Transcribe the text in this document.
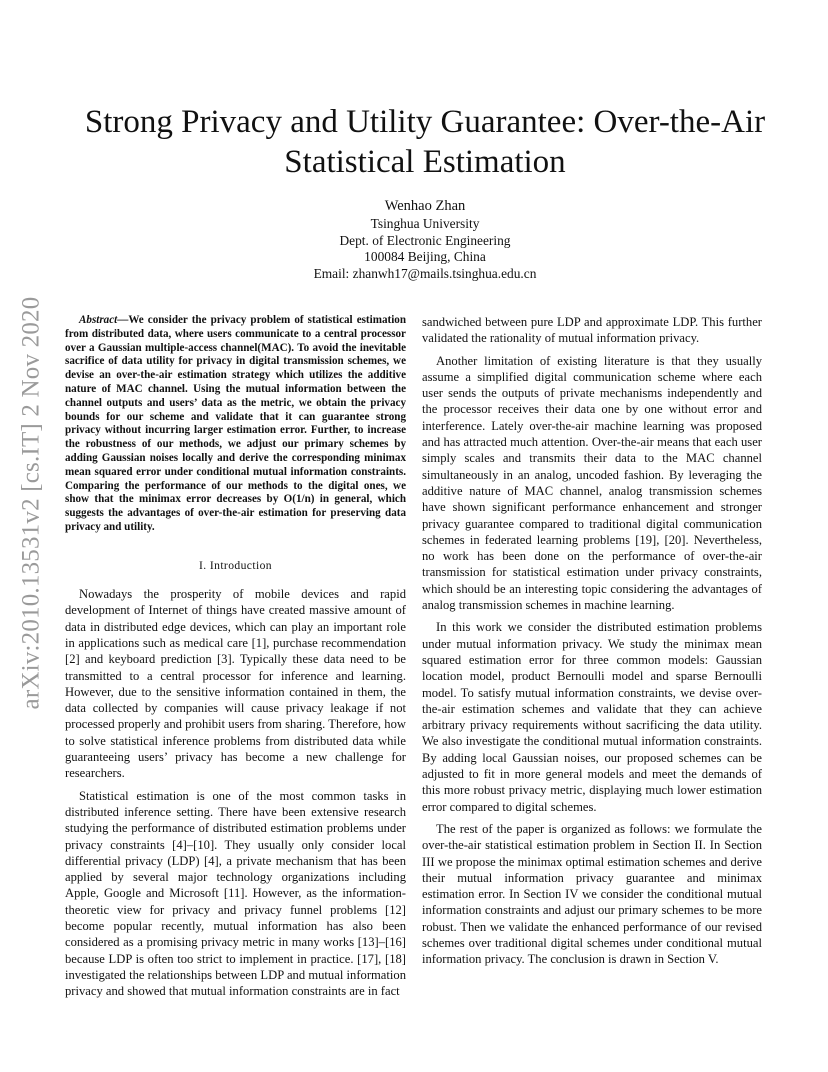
arXiv:2010.13531v2 [cs.IT] 2 Nov 2020
Strong Privacy and Utility Guarantee: Over-the-Air Statistical Estimation
Wenhao Zhan
Tsinghua University
Dept. of Electronic Engineering
100084 Beijing, China
Email: zhanwh17@mails.tsinghua.edu.cn

Abstract—We consider the privacy problem of statistical estimation from distributed data, where users communicate to a central processor over a Gaussian multiple-access channel(MAC). To avoid the inevitable sacrifice of data utility for privacy in digital transmission schemes, we devise an over-the-air estimation strategy which utilizes the additive nature of MAC channel. Using the mutual information between the channel outputs and users’ data as the metric, we obtain the privacy bounds for our scheme and validate that it can guarantee strong privacy without incurring larger estimation error. Further, to increase the robustness of our methods, we adjust our primary schemes by adding Gaussian noises locally and derive the corresponding minimax mean squared error under conditional mutual information constraints. Comparing the performance of our methods to the digital ones, we show that the minimax error decreases by O(1/n) in general, which suggests the advantages of over-the-air estimation for preserving data privacy and utility.

I. Introduction

Nowadays the prosperity of mobile devices and rapid development of Internet of things have created massive amount of data in distributed edge devices, which can play an important role in applications such as medical care [1], purchase recommendation [2] and keyboard prediction [3]. Typically these data need to be transmitted to a central processor for inference and learning. However, due to the sensitive information contained in them, the data collected by companies will cause privacy leakage if not processed properly and prohibit users from sharing. Therefore, how to solve statistical inference problems from distributed data while guaranteeing users’ privacy has become a new challenge for researchers.

Statistical estimation is one of the most common tasks in distributed inference setting. There have been extensive research studying the performance of distributed estimation problems under privacy constraints [4]–[10]. They usually only consider local differential privacy (LDP) [4], a private mechanism that has been applied by several major technology organizations including Apple, Google and Microsoft [11]. However, as the information-theoretic view for privacy and privacy funnel problems [12] become popular recently, mutual information has also been considered as a promising privacy metric in many works [13]–[16] because LDP is often too strict to implement in practice. [17], [18] investigated the relationships between LDP and mutual information privacy and showed that mutual information constraints are in fact

sandwiched between pure LDP and approximate LDP. This further validated the rationality of mutual information privacy.

Another limitation of existing literature is that they usually assume a simplified digital communication scheme where each user sends the outputs of private mechanisms independently and the processor receives their data one by one without error and interference. Lately over-the-air machine learning was proposed and has attracted much attention. Over-the-air means that each user simply scales and transmits their data to the MAC channel simultaneously in an analog, uncoded fashion. By leveraging the additive nature of MAC channel, analog transmission schemes have shown significant performance enhancement and stronger privacy guarantee compared to traditional digital communication schemes in federated learning problems [19], [20]. Nevertheless, no work has been done on the performance of over-the-air transmission for statistical estimation under privacy constraints, which should be an interesting topic considering the advantages of analog transmission schemes in machine learning.

In this work we consider the distributed estimation problems under mutual information privacy. We study the minimax mean squared estimation error for three common models: Gaussian location model, product Bernoulli model and sparse Bernoulli model. To satisfy mutual information constraints, we devise over-the-air estimation schemes and validate that they can achieve arbitrary privacy requirements without sacrificing the data utility. We also investigate the conditional mutual information constraints. By adding local Gaussian noises, our proposed schemes can be adjusted to fit in more general models and meet the demands of this more robust privacy metric, displaying much lower estimation error compared to digital schemes.

The rest of the paper is organized as follows: we formulate the over-the-air statistical estimation problem in Section II. In Section III we propose the minimax optimal estimation schemes and derive their mutual information privacy guarantee and minimax estimation error. In Section IV we consider the conditional mutual information constraints and adjust our primary schemes to be more robust. Then we validate the enhanced performance of our revised schemes over traditional digital schemes under conditional mutual information privacy. The conclusion is drawn in Section V.
